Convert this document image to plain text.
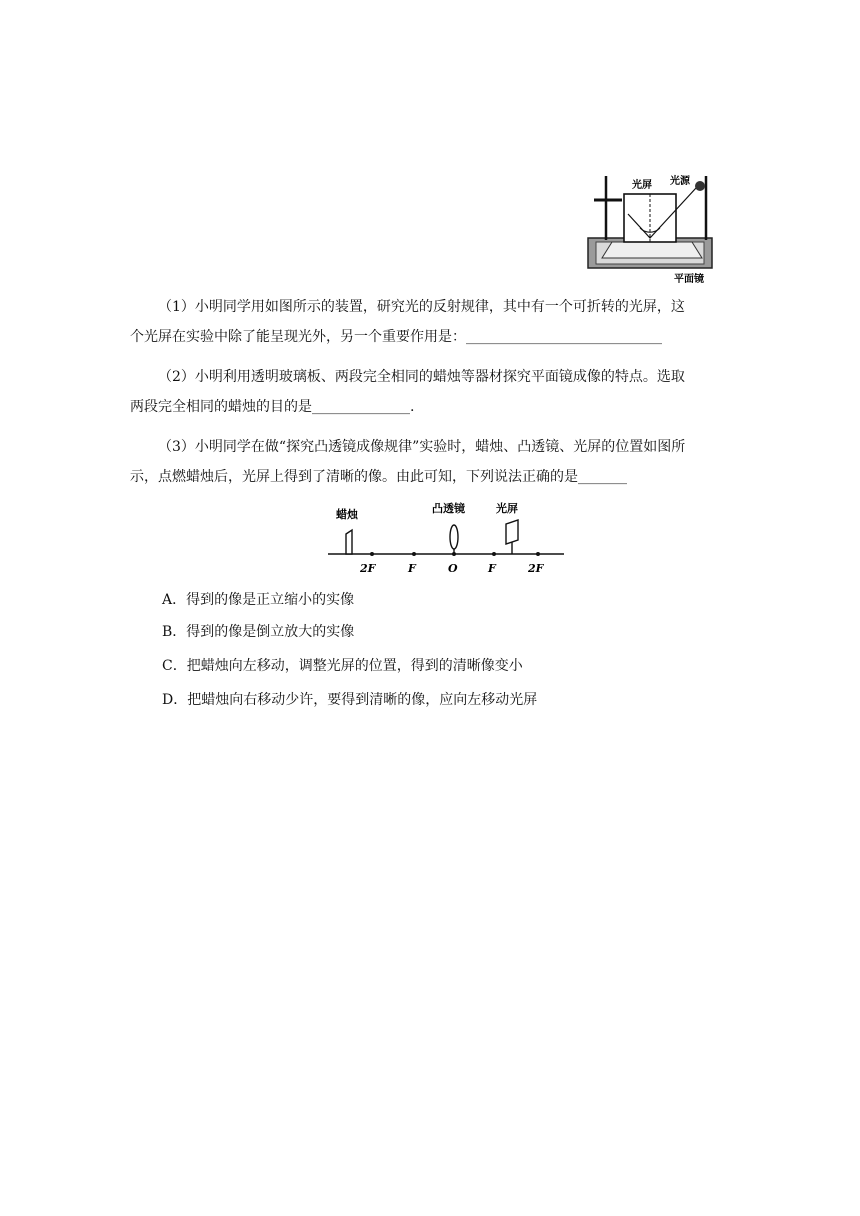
光屏 光源
平面镜
（1）小明同学用如图所示的装置，研究光的反射规律，其中有一个可折转的光屏，这
个光屏在实验中除了能呈现光外，另一个重要作用是：____________________________
（2）小明利用透明玻璃板、两段完全相同的蜡烛等器材探究平面镜成像的特点。选取
两段完全相同的蜡烛的目的是______________.
（3）小明同学在做“探究凸透镜成像规律”实验时，蜡烛、凸透镜、光屏的位置如图所
示，点燃蜡烛后，光屏上得到了清晰的像。由此可知，下列说法正确的是_______
蜡烛	凸透镜	光屏
2F	F	O	F	2F
A．得到的像是正立缩小的实像
B．得到的像是倒立放大的实像
C．把蜡烛向左移动，调整光屏的位置，得到的清晰像变小
D．把蜡烛向右移动少许，要得到清晰的像，应向左移动光屏
